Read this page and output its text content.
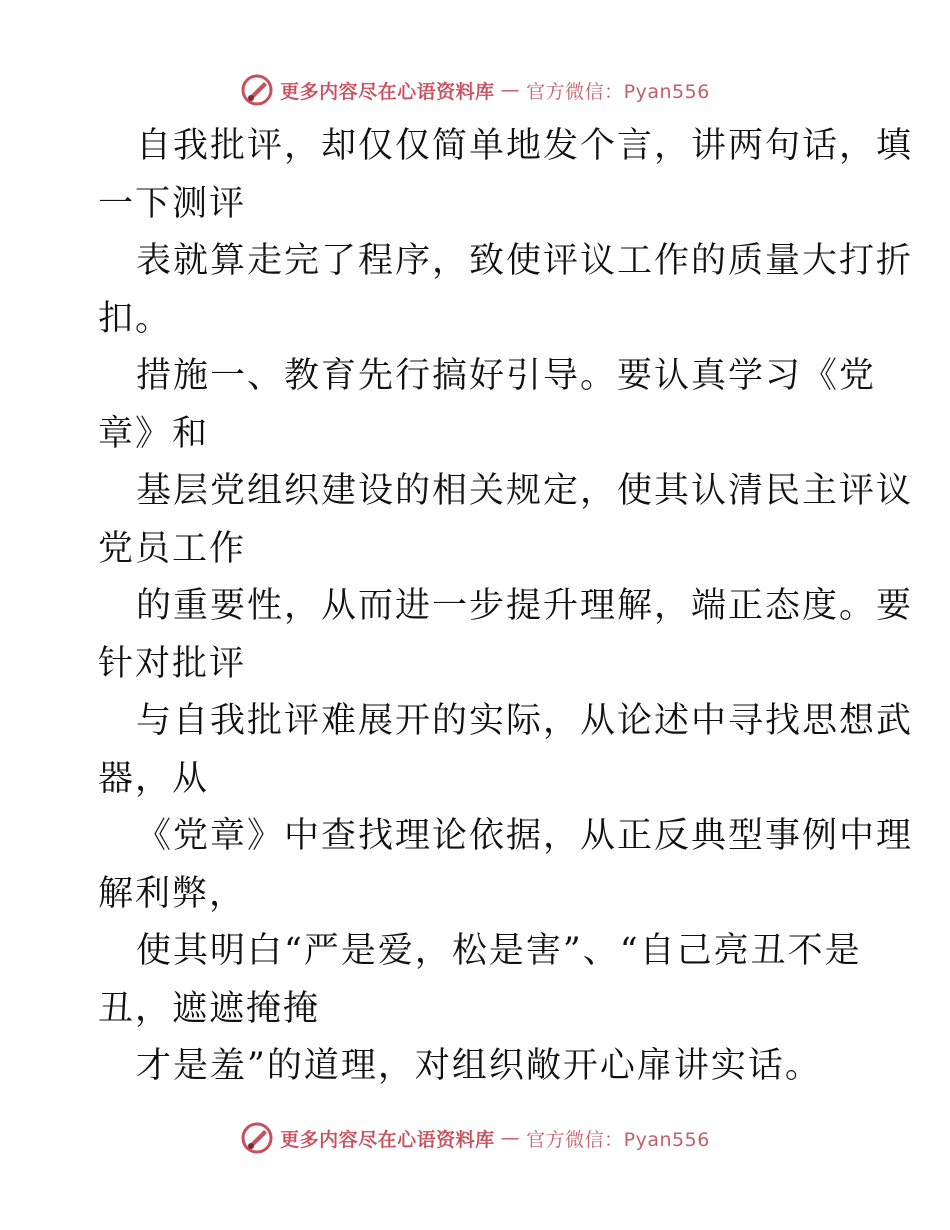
更多内容尽在心语资料库 — 官方微信：Pyan556
自我批评，却仅仅简单地发个言，讲两句话，填
一下测评
表就算走完了程序，致使评议工作的质量大打折
扣。
措施一、教育先行搞好引导。要认真学习《党
章》和
基层党组织建设的相关规定，使其认清民主评议
党员工作
的重要性，从而进一步提升理解，端正态度。要
针对批评
与自我批评难展开的实际，从论述中寻找思想武
器，从
《党章》中查找理论依据，从正反典型事例中理
解利弊，
使其明白“严是爱，松是害”、“自己亮丑不是
丑，遮遮掩掩
才是羞”的道理，对组织敞开心扉讲实话。
更多内容尽在心语资料库 — 官方微信：Pyan556
